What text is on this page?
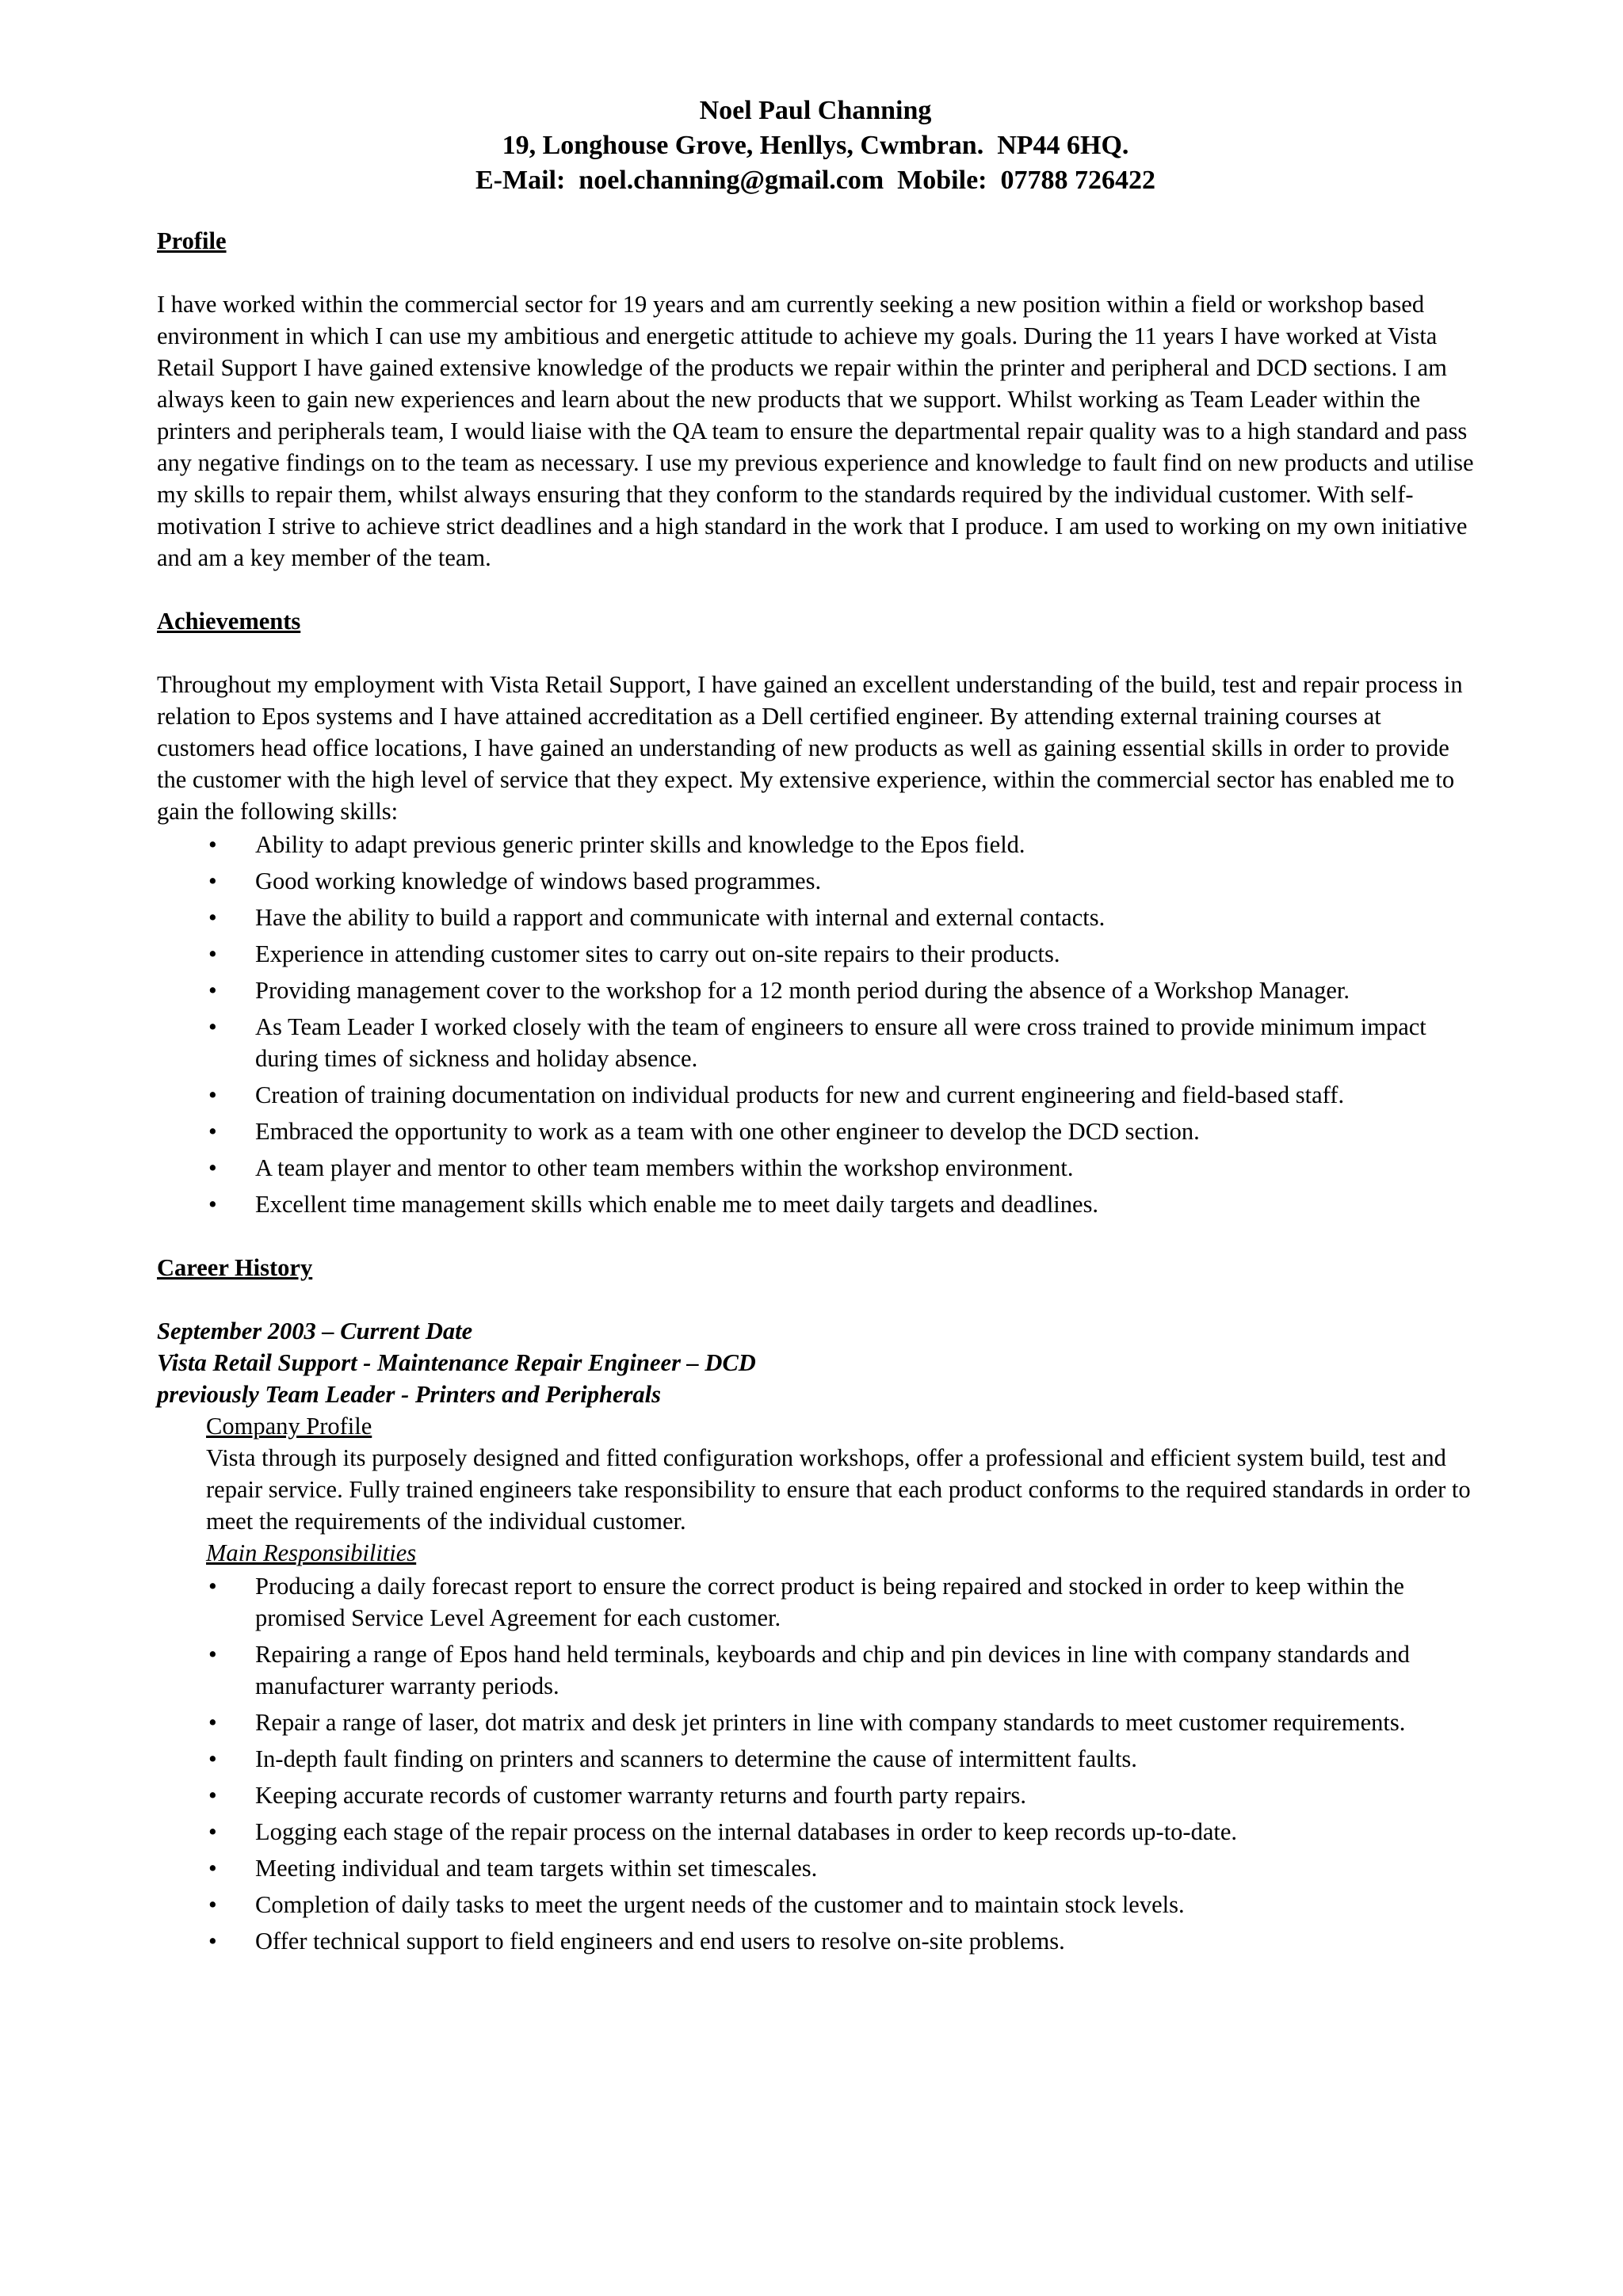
Noel Paul Channing
19, Longhouse Grove, Henllys, Cwmbran.  NP44 6HQ.
E-Mail:  noel.channing@gmail.com  Mobile:  07788 726422
Profile

I have worked within the commercial sector for 19 years and am currently seeking a new position within a field or workshop based environment in which I can use my ambitious and energetic attitude to achieve my goals. During the 11 years I have worked at Vista Retail Support I have gained extensive knowledge of the products we repair within the printer and peripheral and DCD sections. I am always keen to gain new experiences and learn about the new products that we support. Whilst working as Team Leader within the printers and peripherals team, I would liaise with the QA team to ensure the departmental repair quality was to a high standard and pass any negative findings on to the team as necessary. I use my previous experience and knowledge to fault find on new products and utilise my skills to repair them, whilst always ensuring that they conform to the standards required by the individual customer. With self-motivation I strive to achieve strict deadlines and a high standard in the work that I produce. I am used to working on my own initiative and am a key member of the team.

Achievements

Throughout my employment with Vista Retail Support, I have gained an excellent understanding of the build, test and repair process in relation to Epos systems and I have attained accreditation as a Dell certified engineer. By attending external training courses at customers head office locations, I have gained an understanding of new products as well as gaining essential skills in order to provide the customer with the high level of service that they expect. My extensive experience, within the commercial sector has enabled me to gain the following skills:

• Ability to adapt previous generic printer skills and knowledge to the Epos field.
• Good working knowledge of windows based programmes.
• Have the ability to build a rapport and communicate with internal and external contacts.
• Experience in attending customer sites to carry out on-site repairs to their products.
• Providing management cover to the workshop for a 12 month period during the absence of a Workshop Manager.
• As Team Leader I worked closely with the team of engineers to ensure all were cross trained to provide minimum impact during times of sickness and holiday absence.
• Creation of training documentation on individual products for new and current engineering and field-based staff.
• Embraced the opportunity to work as a team with one other engineer to develop the DCD section.
• A team player and mentor to other team members within the workshop environment.
• Excellent time management skills which enable me to meet daily targets and deadlines.
Career History
September 2003 – Current Date
Vista Retail Support - Maintenance Repair Engineer – DCD
previously Team Leader - Printers and Peripherals
Company Profile
Vista through its purposely designed and fitted configuration workshops, offer a professional and efficient system build, test and repair service. Fully trained engineers take responsibility to ensure that each product conforms to the required standards in order to meet the requirements of the individual customer.
Main Responsibilities
• Producing a daily forecast report to ensure the correct product is being repaired and stocked in order to keep within the promised Service Level Agreement for each customer.
• Repairing a range of Epos hand held terminals, keyboards and chip and pin devices in line with company standards and manufacturer warranty periods.
• Repair a range of laser, dot matrix and desk jet printers in line with company standards to meet customer requirements.
• In-depth fault finding on printers and scanners to determine the cause of intermittent faults.
• Keeping accurate records of customer warranty returns and fourth party repairs.
• Logging each stage of the repair process on the internal databases in order to keep records up-to-date.
• Meeting individual and team targets within set timescales.
• Completion of daily tasks to meet the urgent needs of the customer and to maintain stock levels.
• Offer technical support to field engineers and end users to resolve on-site problems.
